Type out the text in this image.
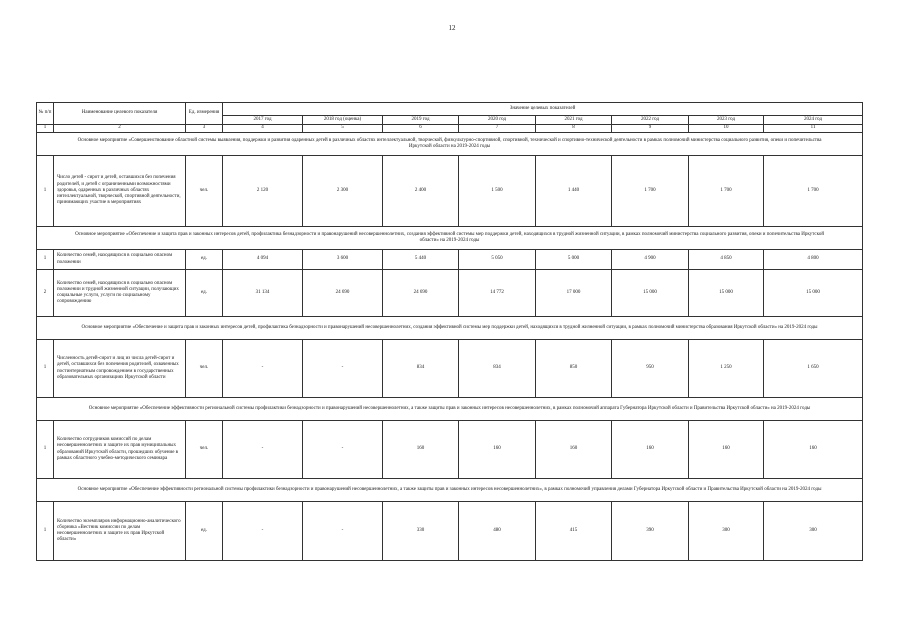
12
№ п/п	Наименование целевого показателя	Ед. измерения	Значение целевых показателей							
			2017 год	2018 год (оценка)	2019 год	2020 год	2021 год	2022 год	2023 год	2024 год
1	2	3	4	5	6	7	8	9	10	11
Основное мероприятие «Совершенствование областной системы выявления, поддержки и развития одаренных детей в различных областях интеллектуальной, творческой, физкультурно-спортивной, спортивной, технической и спортивно-технической деятельности в рамках полномочий министерства социального развития, опеки и попечительства Иркутской области на 2019-2024 годы										
1	Число детей - сирот и детей, оставшихся без попечения родителей, и детей с ограниченными возможностями здоровья, одаренных в различных областях интеллектуальной, творческой, спортивной деятельности, принимающих участие в мероприятиях	чел.	2 120	2 300	2 400	1 500	1 440	1 700	1 700	1 700
Основное мероприятие «Обеспечение и защита прав и законных интересов детей, профилактика безнадзорности и правонарушений несовершеннолетних, создания эффективной системы мер поддержки детей, находящихся в трудной жизненной ситуации, в рамках полномочий министерства социального развития, опеки и попечительства Иркутской области» на 2019-2024 годы										
1	Количество семей, находящихся в социально опасном положении	ед.	4 094	3 600	5 440	5 050	5 000	4 900	4 850	4 800
2	Количество семей, находящихся в социально опасном положении и трудной жизненной ситуации, получающих социальные услуги, услуги по социальному сопровождению	ед.	31 134	24 690	24 690	14 772	17 000	15 000	15 000	15 000
Основное мероприятие «Обеспечение и защита прав и законных интересов детей, профилактика безнадзорности и правонарушений несовершеннолетних, создания эффективной системы мер поддержки детей, находящихся в трудной жизненной ситуации, в рамках полномочий министерства образования Иркутской области» на 2019-2024 годы										
1	Численность детей-сирот и лиц из числа детей-сирот и детей, оставшихся без попечения родителей, охваченных постинтернатным сопровождением в государственных образовательных организациях Иркутской области	чел.	-	-	834	834	850	950	1 250	1 650
Основное мероприятие «Обеспечение эффективности региональной системы профилактики безнадзорности и правонарушений несовершеннолетних, а также защиты прав и законных интересов несовершеннолетних, в рамках полномочий аппарата Губернатора Иркутской области и Правительства Иркутской области» на 2019-2024 годы										
1	Количество сотрудников комиссий по делам несовершеннолетних и защите их прав муниципальных образований Иркутской области, прошедших обучение в рамках областного учебно-методического семинара	чел.	-	-	160	160	160	160	160	160
Основное мероприятие «Обеспечение эффективности региональной системы профилактики безнадзорности и правонарушений несовершеннолетних, а также защиты прав и законных интересов несовершеннолетних», в рамках полномочий управления делами Губернатора Иркутской области и Правительства Иркутской области на 2019-2024 годы										
1	Количество экземпляров информационно-аналитического сборника «Вестник комиссии по делам несовершеннолетних и защите их прав Иркутской области»	ед.	-	-	330	480	415	390	300	300
